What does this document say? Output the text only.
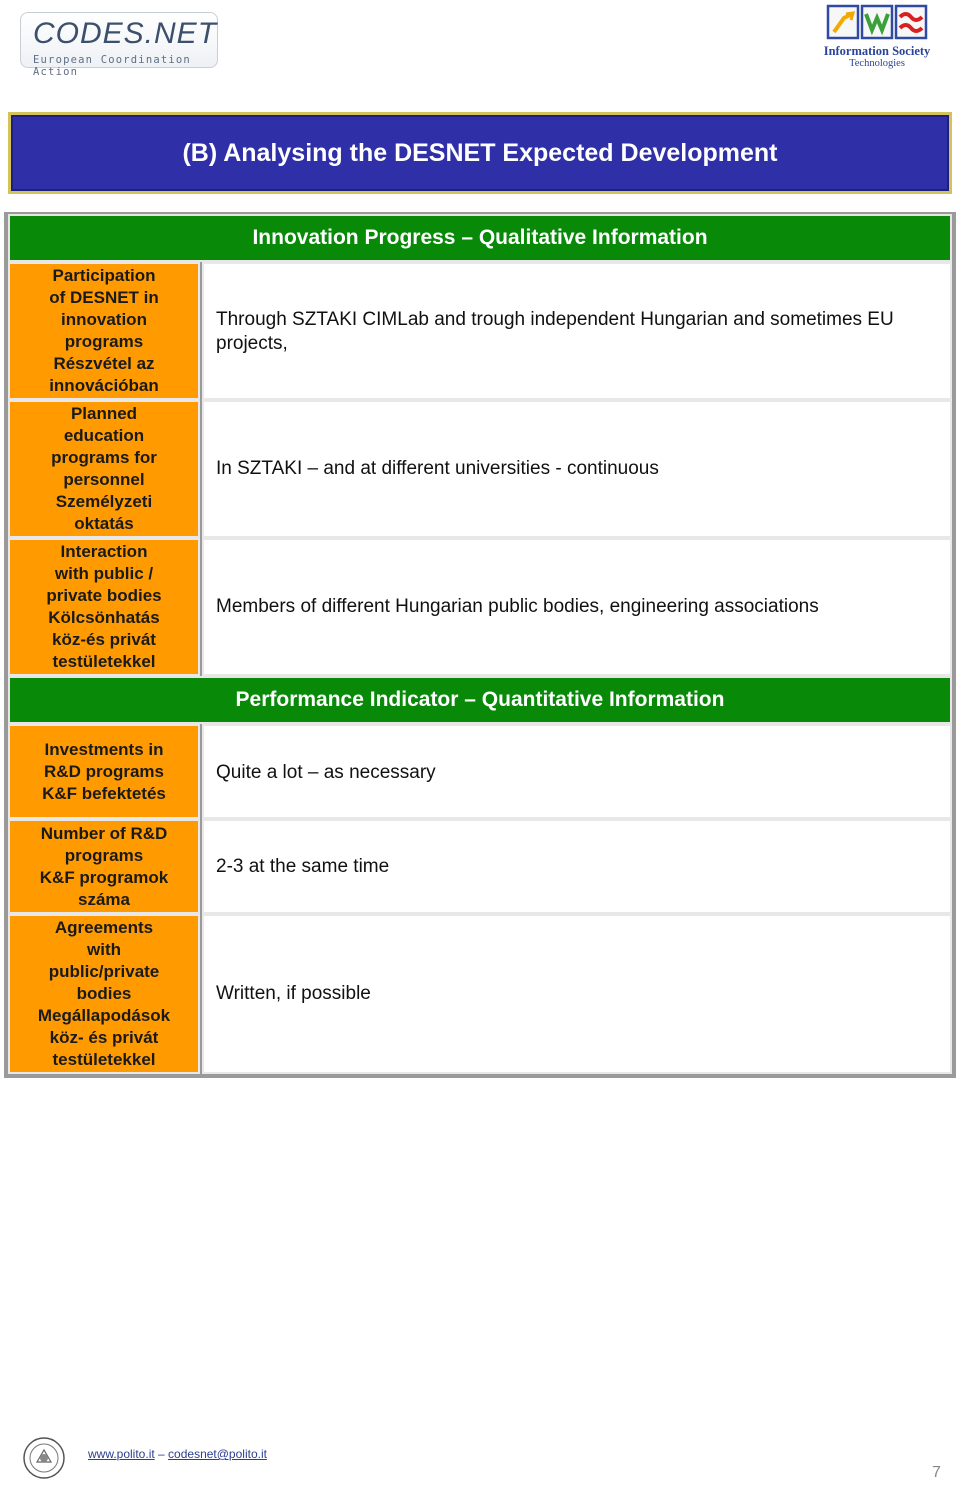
CODES.NET
European Coordination Action
Information Society
Technologies
(B) Analysing the DESNET Expected Development
Innovation Progress – Qualitative Information
Participation
of DESNET in
innovation
programs
Részvétel az
innovációban
Through SZTAKI CIMLab and trough independent Hungarian and sometimes EU projects,
Planned
education
programs for
personnel
Személyzeti
oktatás
In SZTAKI – and at different universities - continuous
Interaction
with public /
private bodies
Kölcsönhatás
köz-és privát
testületekkel
Members of different Hungarian public bodies, engineering associations
Performance Indicator – Quantitative Information
Investments in
R&D programs
K&F befektetés
Quite a lot – as necessary
Number of R&D
programs
K&F programok
száma
2-3 at the same time
Agreements
with
public/private
bodies
Megállapodások
köz- és privát
testületekkel
Written, if possible
www.polito.it – codesnet@polito.it
7
